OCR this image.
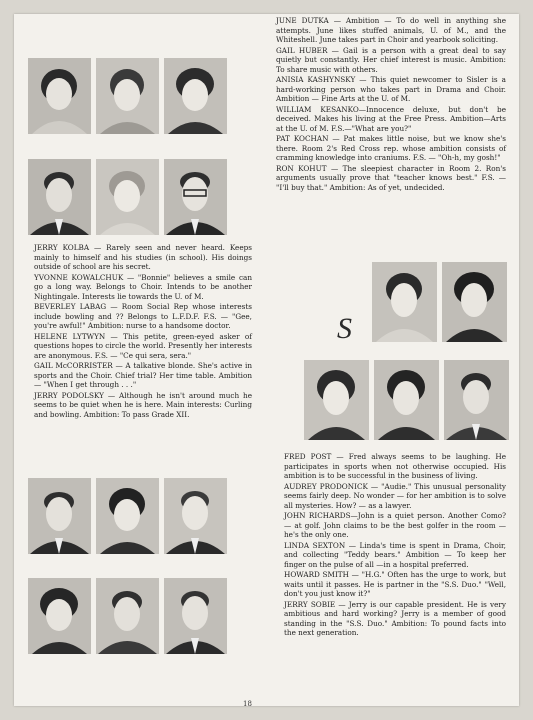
JERRY KOLBA — Rarely seen and never heard. Keeps mainly to himself and his studies (in school). His doings outside of school are his secret.

YVONNE KOWALCHUK — "Bonnie" believes a smile can go a long way. Belongs to Choir. Intends to be another Nightingale. Interests lie towards the U. of M.

BEVERLEY LABAG — Room Social Rep whose interests include bowling and ?? Belongs to L.F.D.F. F.S. — "Gee, you're awful!" Ambition: nurse to a handsome doctor.

HELENE LYTWYN — This petite, green-eyed asker of questions hopes to circle the world. Presently her interests are anonymous. F.S. — "Ce qui sera, sera."

GAIL McCORRISTER — A talkative blonde. She's active in sports and the Choir. Chief trial? Her time table. Ambition — "When I get through . . ."

JERRY PODOLSKY — Although he isn't around much he seems to be quiet when he is here. Main interests: Curling and bowling. Ambition: To pass Grade XII.

JUNE DUTKA — Ambition — To do well in anything she attempts. June likes stuffed animals, U. of M., and the Whiteshell. June takes part in Choir and yearbook soliciting.

GAIL HUBER — Gail is a person with a great deal to say quietly but constantly. Her chief interest is music. Ambition: To share music with others.

ANISIA KASHYNSKY — This quiet newcomer to Sisler is a hard-working person who takes part in Drama and Choir. Ambition — Fine Arts at the U. of M.

WILLIAM KESANKO—Innocence deluxe, but don't be deceived. Makes his living at the Free Press. Ambition—Arts at the U. of M. F.S.—"What are you?"

PAT KOCHAN — Pat makes little noise, but we know she's there. Room 2's Red Cross rep. whose ambition consists of cramming knowledge into craniums. F.S. — "Oh-h, my gosh!"

RON KOHUT — The sleepiest character in Room 2. Ron's arguments usually prove that "teacher knows best." F.S. — "I'll buy that." Ambition: As of yet, undecided.

S

FRED POST — Fred always seems to be laughing. He participates in sports when not otherwise occupied. His ambition is to be successful in the business of living.

AUDREY PRODONICK — "Audie." This unusual personality seems fairly deep. No wonder — for her ambition is to solve all mysteries. How? — as a lawyer.

JOHN RICHARDS—John is a quiet person. Another Como? — at golf. John claims to be the best golfer in the room — he's the only one.

LINDA SEXTON — Linda's time is spent in Drama, Choir, and collecting "Teddy bears." Ambition — To keep her finger on the pulse of all —in a hospital preferred.

HOWARD SMITH — "H.G." Often has the urge to work, but waits until it passes. He is partner in the "S.S. Duo." "Well, don't you just know it?"

JERRY SOBIE — Jerry is our capable president. He is very ambitious and hard working? Jerry is a member of good standing in the "S.S. Duo." Ambition: To pound facts into the next generation.

18
